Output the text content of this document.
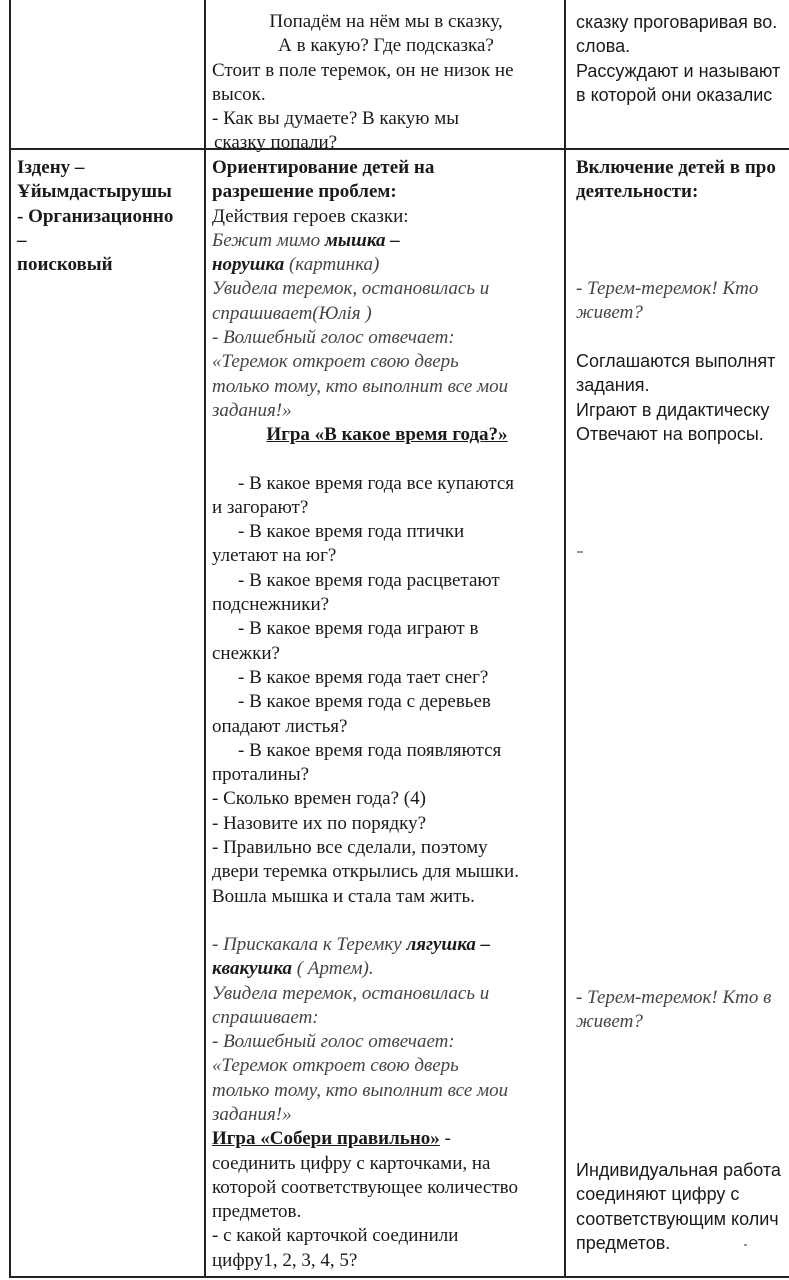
Попадём на нём мы в сказку,

А в какую? Где подсказка?

Стоит в поле теремок, он не низок не

высок.

- Как вы думаете? В какую мы

сказку попали?

сказку проговаривая во.

слова.

Рассуждают и называют

в которой они оказалис

Іздену –

Ұйымдастырушы

- Организационно

–

поисковый

Ориентирование детей на

разрешение проблем:

Действия героев сказки:

Бежит мимо мышка –

норушка (картинка)

Увидела теремок, остановилась и

спрашивает(Юлія )

- Волшебный голос отвечает:

«Теремок откроет свою дверь

только тому, кто выполнит все мои

задания!»

Игра «В какое время года?»

- В какое время года все купаются

и загорают?

- В какое время года птички

улетают на юг?

- В какое время года расцветают

подснежники?

- В какое время года играют в

снежки?

- В какое время года тает снег?

- В какое время года с деревьев

опадают листья?

- В какое время года появляются

проталины?

- Сколько времен года? (4)

- Назовите их по порядку?

- Правильно все сделали, поэтому

двери теремка открылись для мышки.

Вошла мышка и стала там жить.

- Прискакала к Теремку лягушка –

квакушка ( Артем).

Увидела теремок, остановилась и

спрашивает:

- Волшебный голос отвечает:

«Теремок откроет свою дверь

только тому, кто выполнит все мои

задания!»

Игра «Собери правильно» -

соединить цифру с карточками, на

которой соответствующее количество

предметов.

- с какой карточкой соединили

цифру1, 2, 3, 4, 5?

Включение детей в про

деятельности:

- Терем-теремок! Кто

живет?

Соглашаются выполнят

задания.

Играют в дидактическу

Отвечают на вопросы.

- Терем-теремок! Кто в

живет?

Индивидуальная работа

соединяют цифру с

соответствующим колич

предметов.
